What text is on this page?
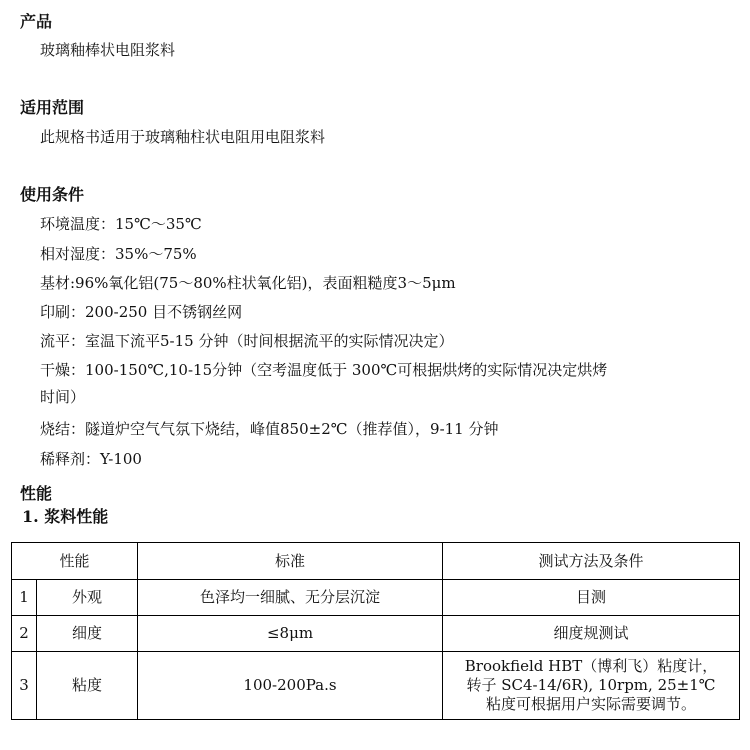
产品
玻璃釉棒状电阻浆料
适用范围
此规格书适用于玻璃釉柱状电阻用电阻浆料
使用条件
环境温度：15℃～35℃
相对湿度：35%～75%
基材:96%氧化铝(75～80%柱状氧化铝)，表面粗糙度3～5μm
印刷：200-250 目不锈钢丝网
流平：室温下流平5-15 分钟（时间根据流平的实际情况决定）
干燥：100-150℃,10-15分钟（空考温度低于 300℃可根据烘烤的实际情况决定烘烤
时间）
烧结：隧道炉空气气氛下烧结，峰值850±2℃（推荐值），9-11 分钟
稀释剂：Y-100
性能
1. 浆料性能
性能		标准	测试方法及条件
1	外观	色泽均一细腻、无分层沉淀	目测
2	细度	≤8μm	细度规测试
3	粘度	100-200Pa.s	Brookfield HBT（博利飞）粘度计，
转子 SC4-14/6R), 10rpm, 25±1℃
粘度可根据用户实际需要调节。
